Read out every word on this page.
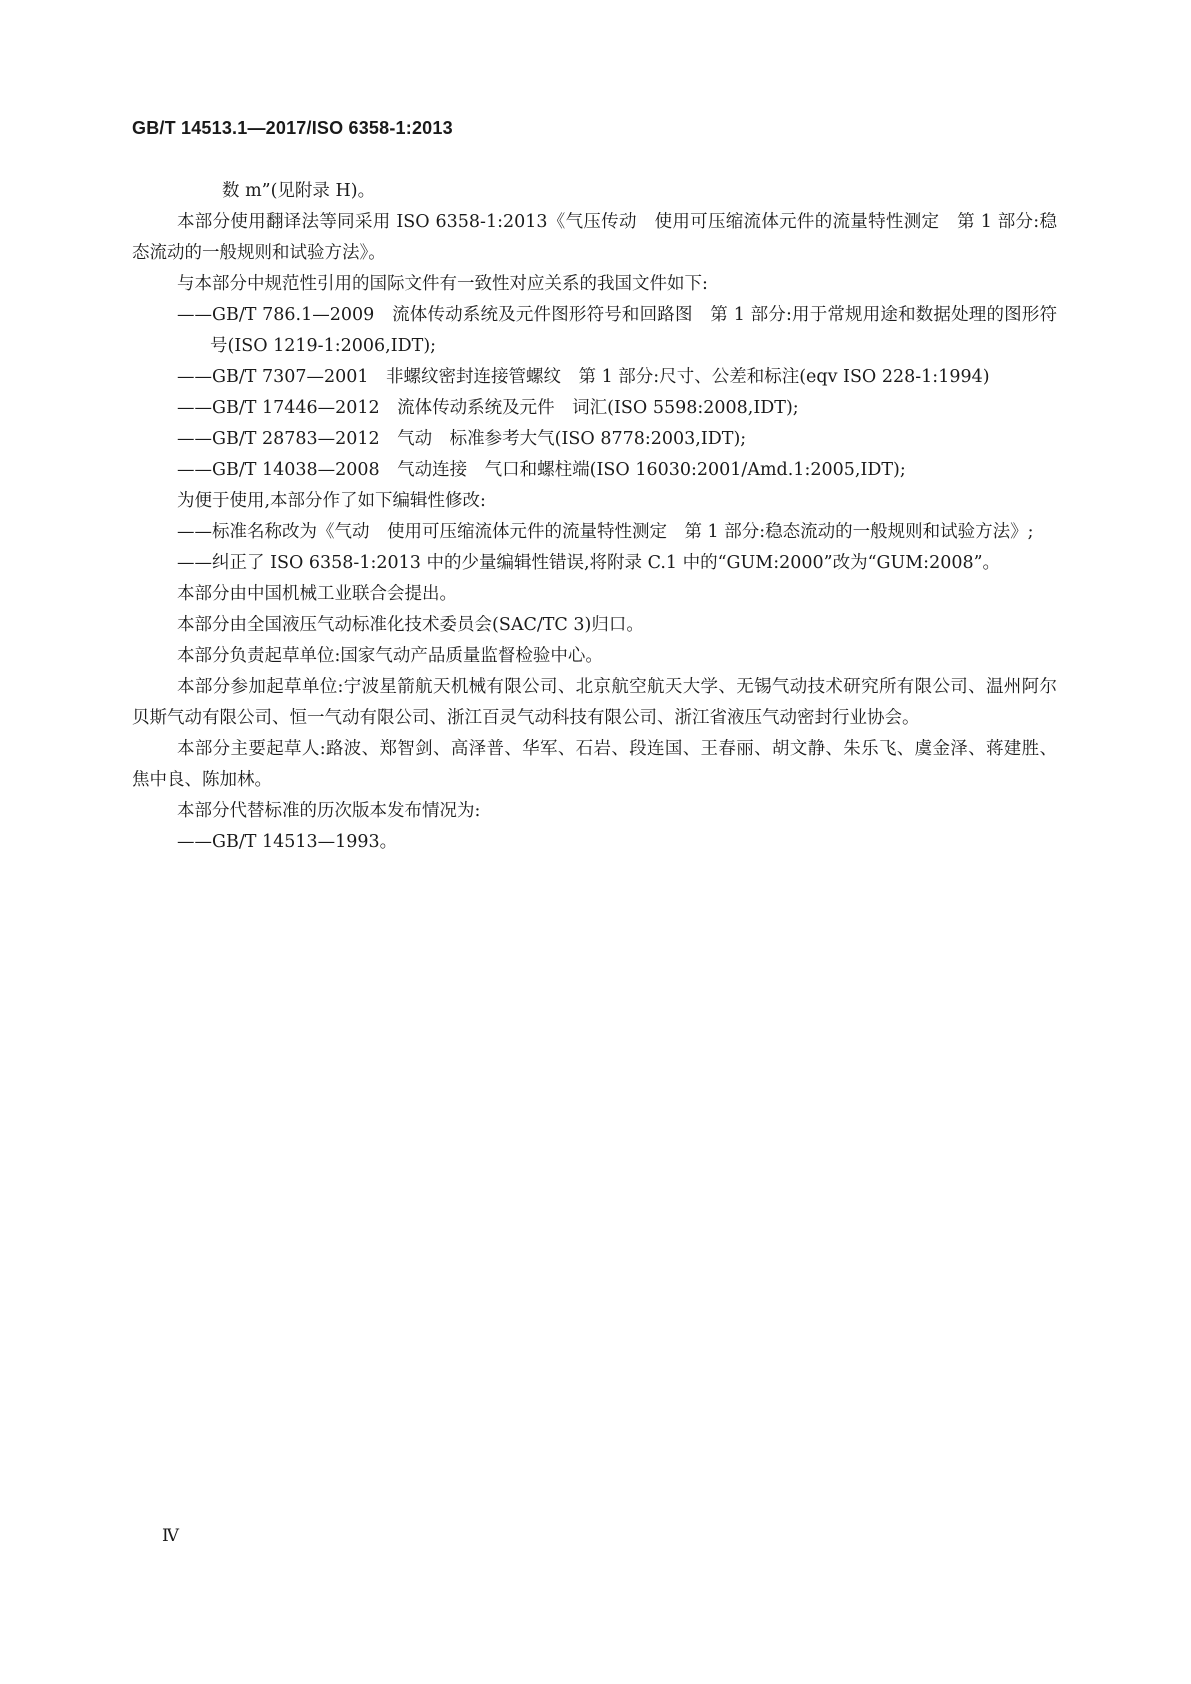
GB/T 14513.1—2017/ISO 6358-1:2013

数 m”(见附录 H)。

本部分使用翻译法等同采用 ISO 6358-1:2013《气压传动　使用可压缩流体元件的流量特性测定　第 1 部分:稳态流动的一般规则和试验方法》。

与本部分中规范性引用的国际文件有一致性对应关系的我国文件如下:

——GB/T 786.1—2009　流体传动系统及元件图形符号和回路图　第 1 部分:用于常规用途和数据处理的图形符号(ISO 1219-1:2006,IDT);

——GB/T 7307—2001　非螺纹密封连接管螺纹　第 1 部分:尺寸、公差和标注(eqv ISO 228-1:1994)

——GB/T 17446—2012　流体传动系统及元件　词汇(ISO 5598:2008,IDT);

——GB/T 28783—2012　气动　标准参考大气(ISO 8778:2003,IDT);

——GB/T 14038—2008　气动连接　气口和螺柱端(ISO 16030:2001/Amd.1:2005,IDT);

为便于使用,本部分作了如下编辑性修改:

——标准名称改为《气动　使用可压缩流体元件的流量特性测定　第 1 部分:稳态流动的一般规则和试验方法》;

——纠正了 ISO 6358-1:2013 中的少量编辑性错误,将附录 C.1 中的“GUM:2000”改为“GUM:2008”。

本部分由中国机械工业联合会提出。

本部分由全国液压气动标准化技术委员会(SAC/TC 3)归口。

本部分负责起草单位:国家气动产品质量监督检验中心。

本部分参加起草单位:宁波星箭航天机械有限公司、北京航空航天大学、无锡气动技术研究所有限公司、温州阿尔贝斯气动有限公司、恒一气动有限公司、浙江百灵气动科技有限公司、浙江省液压气动密封行业协会。

本部分主要起草人:路波、郑智剑、高泽普、华军、石岩、段连国、王春丽、胡文静、朱乐飞、虞金泽、蒋建胜、焦中良、陈加林。

本部分代替标准的历次版本发布情况为:

——GB/T 14513—1993。

Ⅳ
